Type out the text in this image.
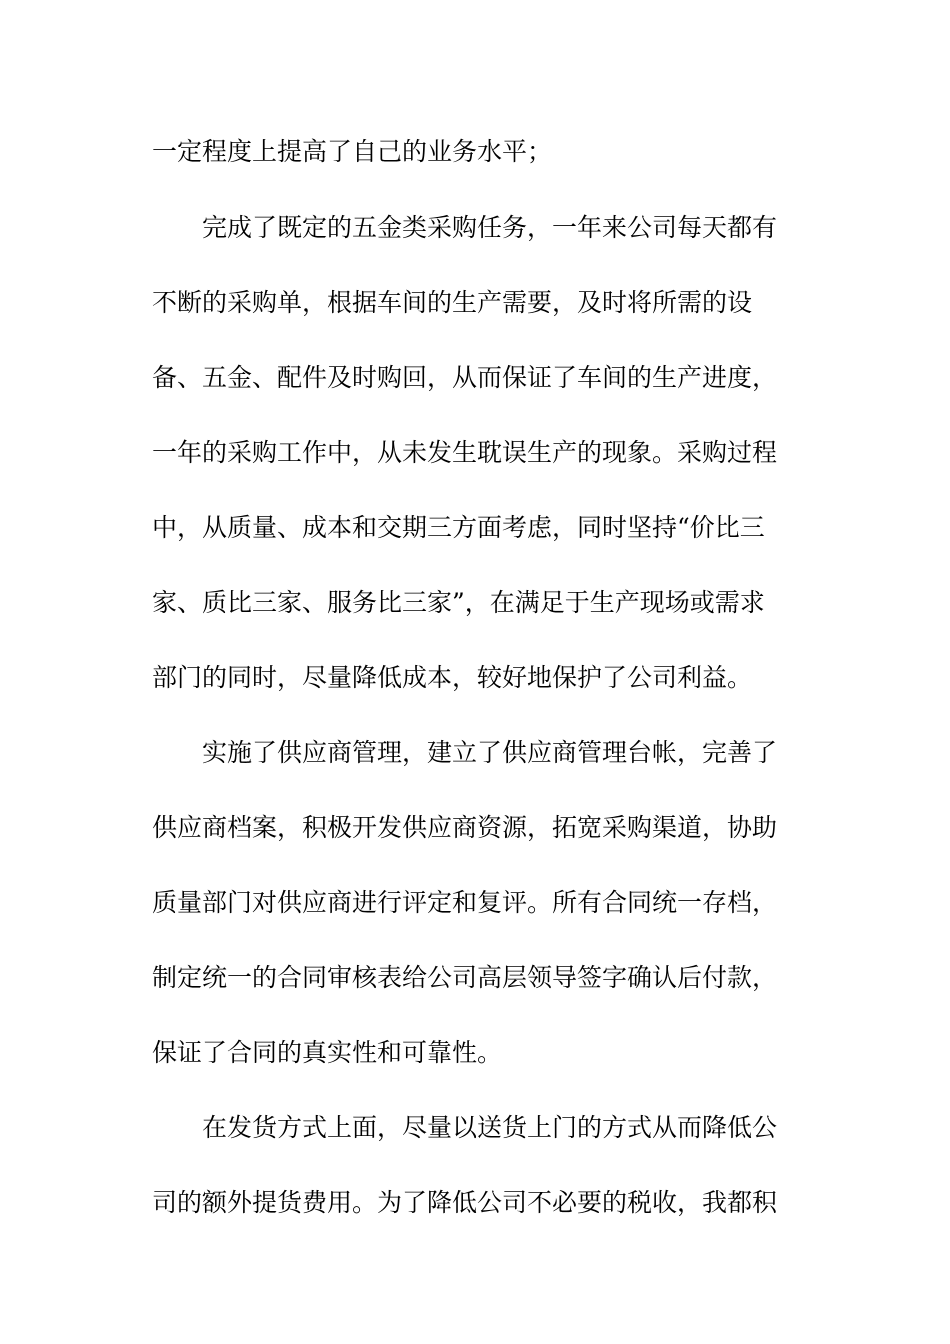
一定程度上提高了自己的业务水平；
完成了既定的五金类采购任务，一年来公司每天都有
不断的采购单，根据车间的生产需要，及时将所需的设
备、五金、配件及时购回，从而保证了车间的生产进度，
一年的采购工作中，从未发生耽误生产的现象。采购过程
中，从质量、成本和交期三方面考虑，同时坚持“价比三
家、质比三家、服务比三家”，在满足于生产现场或需求
部门的同时，尽量降低成本，较好地保护了公司利益。
实施了供应商管理，建立了供应商管理台帐，完善了
供应商档案，积极开发供应商资源，拓宽采购渠道，协助
质量部门对供应商进行评定和复评。所有合同统一存档，
制定统一的合同审核表给公司高层领导签字确认后付款，
保证了合同的真实性和可靠性。
在发货方式上面，尽量以送货上门的方式从而降低公
司的额外提货费用。为了降低公司不必要的税收，我都积
